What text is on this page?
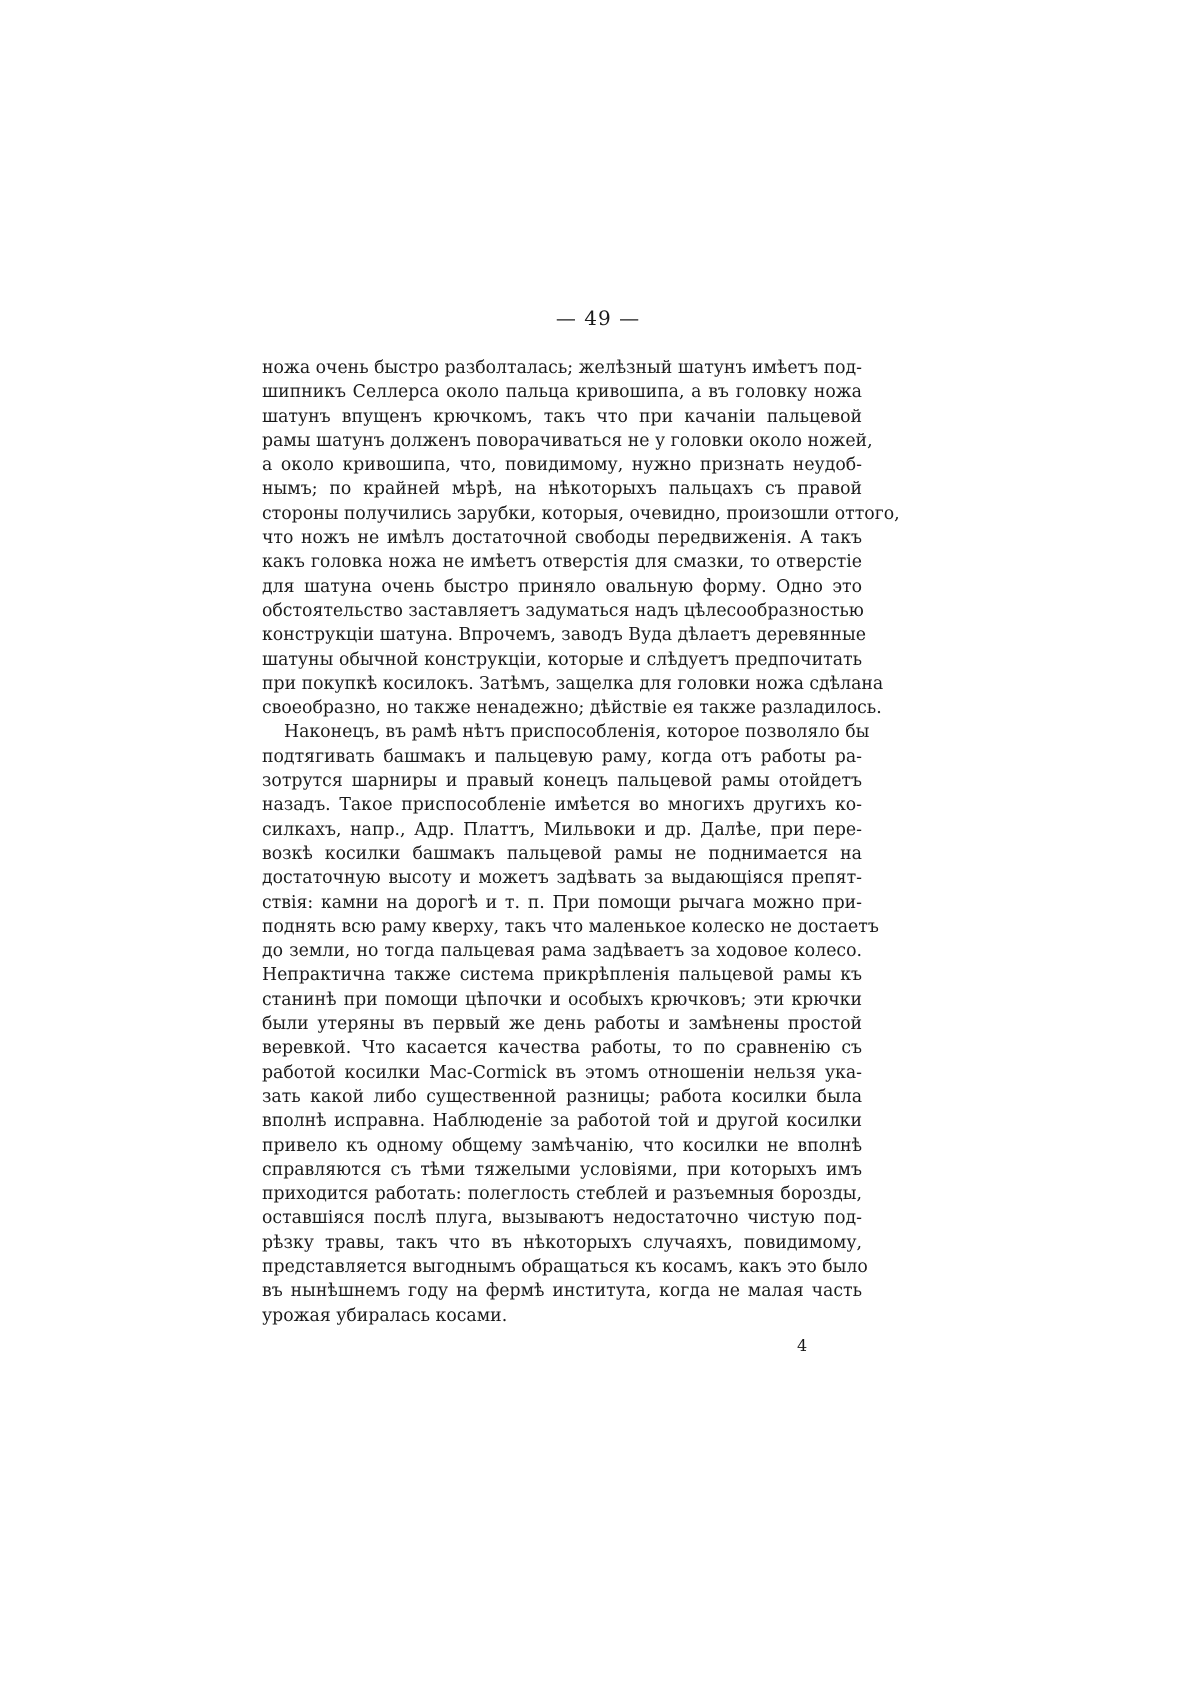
— 49 —
ножа очень быстро разболталась; желѣзный шатунъ имѣетъ под-
шипникъ Селлерса около пальца кривошипа, а въ головку ножа
шатунъ впущенъ крючкомъ, такъ что при качанiи пальцевой
рамы шатунъ долженъ поворачиваться не у головки около ножей,
а около кривошипа, что, повидимому, нужно признать неудоб-
нымъ; по крайней мѣрѣ, на нѣкоторыхъ пальцахъ съ правой
стороны получились зарубки, которыя, очевидно, произошли оттого,
что ножъ не имѣлъ достаточной свободы передвиженiя. А такъ
какъ головка ножа не имѣетъ отверстiя для смазки, то отверстiе
для шатуна очень быстро приняло овальную форму. Одно это
обстоятельство заставляетъ задуматься надъ цѣлесообразностью
конструкцiи шатуна. Впрочемъ, заводъ Вуда дѣлаетъ деревянные
шатуны обычной конструкцiи, которые и слѣдуетъ предпочитать
при покупкѣ косилокъ. Затѣмъ, защелка для головки ножа сдѣлана
своеобразно, но также ненадежно; дѣйствiе ея также разладилось.
Наконецъ, въ рамѣ нѣтъ приспособленiя, которое позволяло бы
подтягивать башмакъ и пальцевую раму, когда отъ работы ра-
зотрутся шарниры и правый конецъ пальцевой рамы отойдетъ
назадъ. Такое приспособленiе имѣется во многихъ другихъ ко-
силкахъ, напр., Адр. Платтъ, Мильвоки и др. Далѣе, при пере-
возкѣ косилки башмакъ пальцевой рамы не поднимается на
достаточную высоту и можетъ задѣвать за выдающiяся препят-
ствiя: камни на дорогѣ и т. п. При помощи рычага можно при-
поднять всю раму кверху, такъ что маленькое колеско не достаетъ
до земли, но тогда пальцевая рама задѣваетъ за ходовое колесо.
Непрактична также система прикрѣпленiя пальцевой рамы къ
станинѣ при помощи цѣпочки и особыхъ крючковъ; эти крючки
были утеряны въ первый же день работы и замѣнены простой
веревкой. Что касается качества работы, то по сравненiю съ
работой косилки Mac-Cormick въ этомъ отношенiи нельзя ука-
зать какой либо существенной разницы; работа косилки была
вполнѣ исправна. Наблюденiе за работой той и другой косилки
привело къ одному общему замѣчанiю, что косилки не вполнѣ
справляются съ тѣми тяжелыми условiями, при которыхъ имъ
приходится работать: полеглость стеблей и разъемныя борозды,
оставшiяся послѣ плуга, вызываютъ недостаточно чистую под-
рѣзку травы, такъ что въ нѣкоторыхъ случаяхъ, повидимому,
представляется выгоднымъ обращаться къ косамъ, какъ это было
въ нынѣшнемъ году на фермѣ института, когда не малая часть
урожая убиралась косами.
4
